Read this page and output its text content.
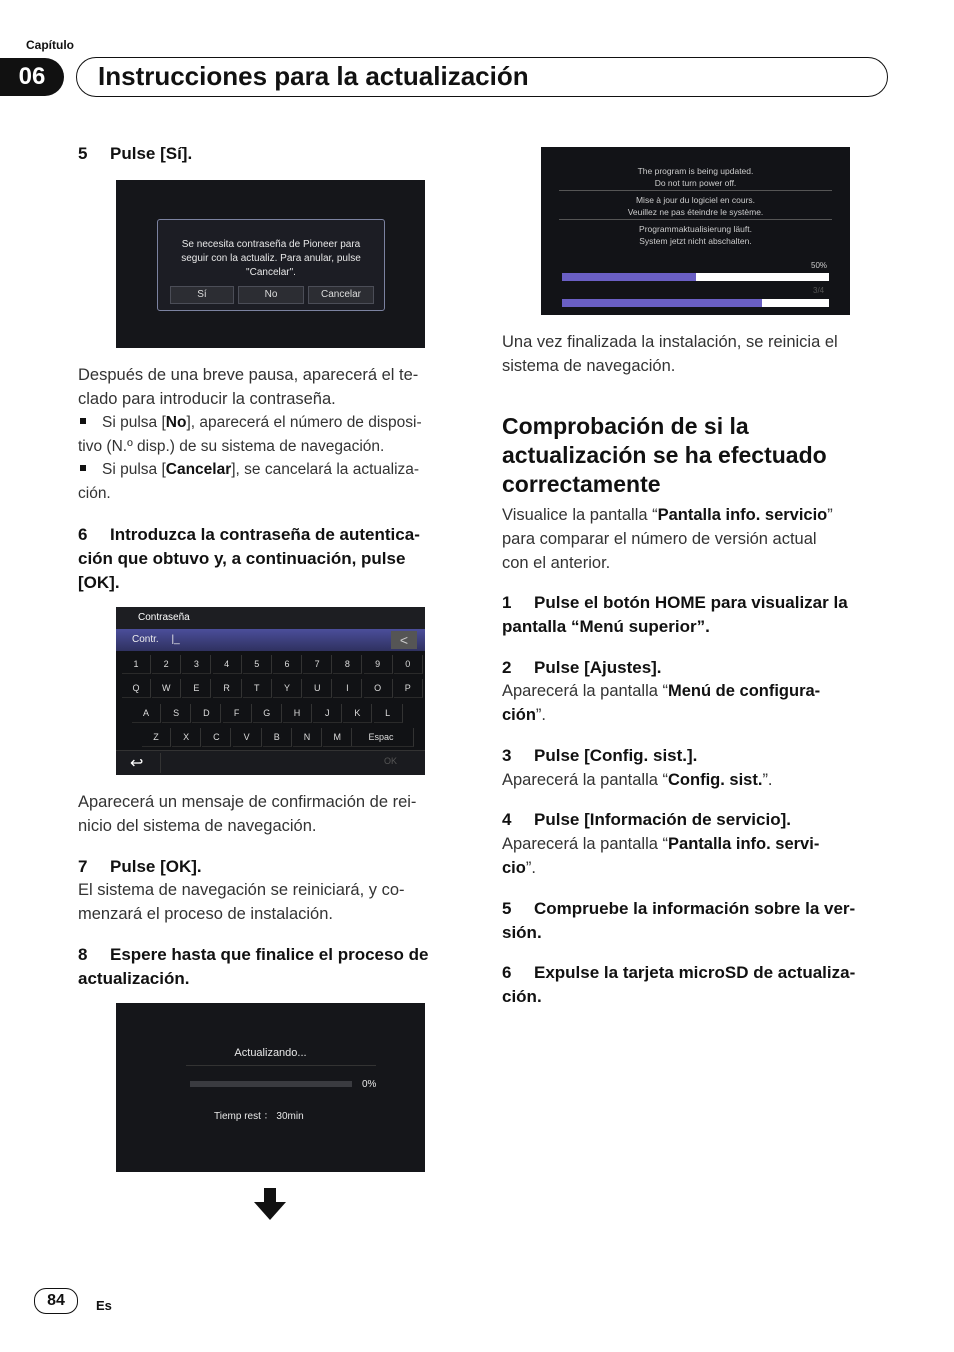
Capítulo
06	Instrucciones para la actualización
5 Pulse [Sí].
Se necesita contraseña de Pioneer para
seguir con la actualiz. Para anular, pulse
"Cancelar".
Sí	No	Cancelar
Después de una breve pausa, aparecerá el te-
clado para introducir la contraseña.
Si pulsa [No], aparecerá el número de disposi-
tivo (N.º disp.) de su sistema de navegación.
Si pulsa [Cancelar], se cancelará la actualiza-
ción.
6 Introduzca la contraseña de autentica-
ción que obtuvo y, a continuación, pulse
[OK].
Contraseña
Contr. |_	<
1	2	3	4	5	6	7	8	9	0
Q	W	E	R	T	Y	U	I	O	P
A	S	D	F	G	H	J	K	L
Z	X	C	V	B	N	M	Espac
↩	OK
Aparecerá un mensaje de confirmación de rei-
nicio del sistema de navegación.
7 Pulse [OK].
El sistema de navegación se reiniciará, y co-
menzará el proceso de instalación.
8 Espere hasta que finalice el proceso de
actualización.
Actualizando...
0%
Tiemp rest ： 30min
The program is being updated.
Do not turn power off.
Mise à jour du logiciel en cours.
Veuillez ne pas éteindre le système.
Programmaktualisierung läuft.
System jetzt nicht abschalten.
50%
3/4
Una vez finalizada la instalación, se reinicia el
sistema de navegación.
Comprobación de si la
actualización se ha efectuado
correctamente
Visualice la pantalla “Pantalla info. servicio”
para comparar el número de versión actual
con el anterior.
1 Pulse el botón HOME para visualizar la
pantalla “Menú superior”.
2 Pulse [Ajustes].
Aparecerá la pantalla “Menú de configura-
ción”.
3 Pulse [Config. sist.].
Aparecerá la pantalla “Config. sist.”.
4 Pulse [Información de servicio].
Aparecerá la pantalla “Pantalla info. servi-
cio”.
5 Compruebe la información sobre la ver-
sión.
6 Expulse la tarjeta microSD de actualiza-
ción.
84	Es
